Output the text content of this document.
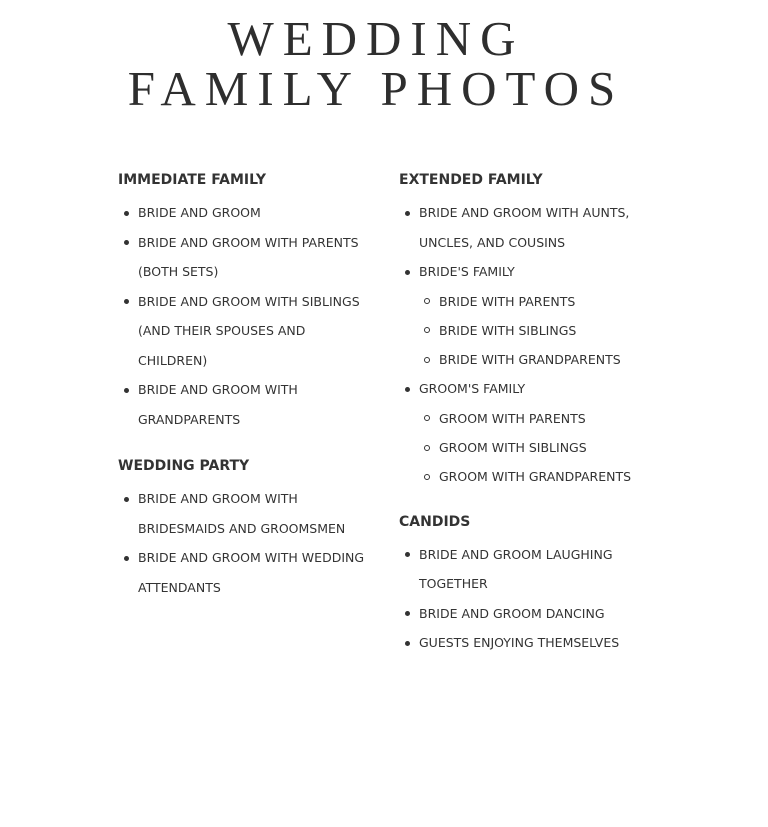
WEDDING
FAMILY PHOTOS
IMMEDIATE FAMILY
BRIDE AND GROOM
BRIDE AND GROOM WITH PARENTS (BOTH SETS)
BRIDE AND GROOM WITH SIBLINGS (AND THEIR SPOUSES AND CHILDREN)
BRIDE AND GROOM WITH GRANDPARENTS
WEDDING PARTY
BRIDE AND GROOM WITH BRIDESMAIDS AND GROOMSMEN
BRIDE AND GROOM WITH WEDDING ATTENDANTS
EXTENDED FAMILY
BRIDE AND GROOM WITH AUNTS, UNCLES, AND COUSINS
BRIDE'S FAMILY
BRIDE WITH PARENTS
BRIDE WITH SIBLINGS
BRIDE WITH GRANDPARENTS
GROOM'S FAMILY
GROOM WITH PARENTS
GROOM WITH SIBLINGS
GROOM WITH GRANDPARENTS
CANDIDS
BRIDE AND GROOM LAUGHING TOGETHER
BRIDE AND GROOM DANCING
GUESTS ENJOYING THEMSELVES
